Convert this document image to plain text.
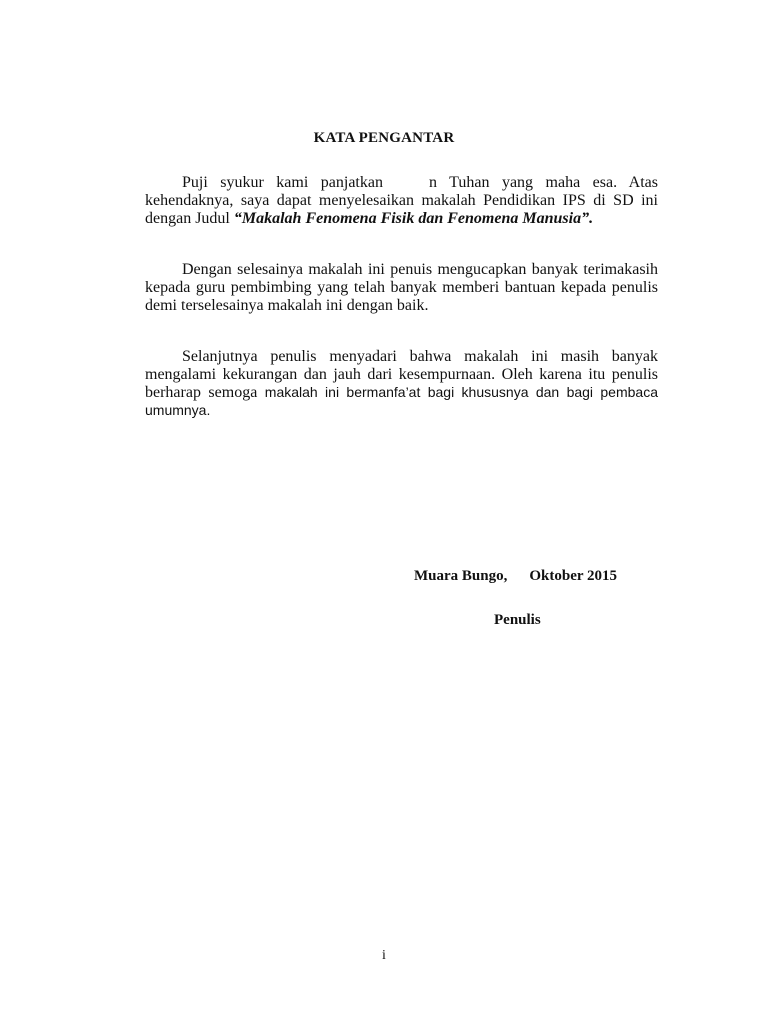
KATA PENGANTAR

Puji syukur kami panjatkan	n Tuhan yang maha esa. Atas kehendaknya, saya dapat menyelesaikan makalah Pendidikan IPS di SD ini dengan Judul “Makalah Fenomena Fisik dan Fenomena Manusia”.

Dengan selesainya makalah ini penuis mengucapkan banyak terimakasih kepada guru pembimbing yang telah banyak memberi bantuan kepada penulis demi terselesainya makalah ini dengan baik.

Selanjutnya penulis menyadari bahwa makalah ini masih banyak mengalami kekurangan dan jauh dari kesempurnaan. Oleh karena itu penulis berharap semoga makalah ini bermanfa’at bagi khususnya dan bagi pembaca umumnya.

Muara Bungo, Oktober 2015
Penulis
i
